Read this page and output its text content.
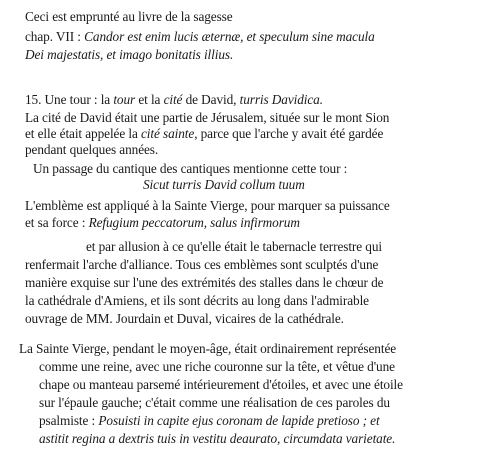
Ceci est emprunté au livre de la sagesse
chap. VII : Candor est enim lucis æternæ, et speculum sine macula
Dei majestatis, et imago bonitatis illius.
15. Une tour : la tour et la cité de David, turris Davidica.
La cité de David était une partie de Jérusalem, située sur le mont Sion
et elle était appelée la cité sainte, parce que l'arche y avait été gardée
pendant quelques années.
Un passage du cantique des cantiques mentionne cette tour :
Sicut turris David collum tuum
L'emblème est appliqué à la Sainte Vierge, pour marquer sa puissance
et sa force : Refugium peccatorum, salus infirmorum
et par allusion à ce qu'elle était le tabernacle terrestre qui
renfermait l'arche d'alliance. Tous ces emblèmes sont sculptés d'une
manière exquise sur l'une des extrémités des stalles dans le chœur de
la cathédrale d'Amiens, et ils sont décrits au long dans l'admirable
ouvrage de MM. Jourdain et Duval, vicaires de la cathédrale.
La Sainte Vierge, pendant le moyen-âge, était ordinairement représentée
comme une reine, avec une riche couronne sur la tête, et vêtue d'une
chape ou manteau parsemé intérieurement d'étoiles, et avec une étoile
sur l'épaule gauche; c'était comme une réalisation de ces paroles du
psalmiste : Posuisti in capite ejus coronam de lapide pretioso ; et
astitit regina a dextris tuis in vestitu deaurato, circumdata varietate.
